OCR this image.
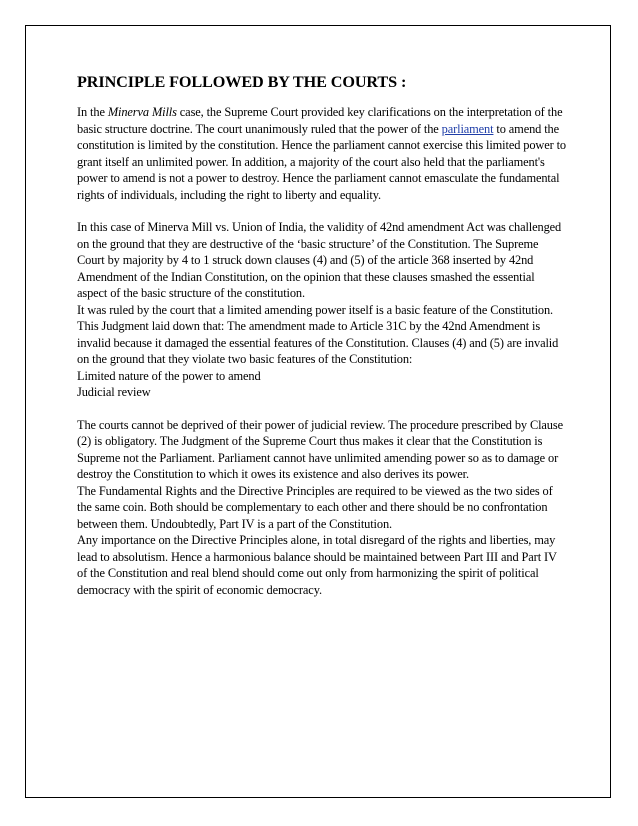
PRINCIPLE FOLLOWED BY THE COURTS :

In the Minerva Mills case, the Supreme Court provided key clarifications on the interpretation of the basic structure doctrine. The court unanimously ruled that the power of the parliament to amend the constitution is limited by the constitution. Hence the parliament cannot exercise this limited power to grant itself an unlimited power. In addition, a majority of the court also held that the parliament's power to amend is not a power to destroy. Hence the parliament cannot emasculate the fundamental rights of individuals, including the right to liberty and equality.

In this case of Minerva Mill vs. Union of India, the validity of 42nd amendment Act was challenged on the ground that they are destructive of the ‘basic structure’ of the Constitution. The Supreme Court by majority by 4 to 1 struck down clauses (4) and (5) of the article 368 inserted by 42nd Amendment of the Indian Constitution, on the opinion that these clauses smashed the essential aspect of the basic structure of the constitution.

It was ruled by the court that a limited amending power itself is a basic feature of the Constitution. This Judgment laid down that: The amendment made to Article 31C by the 42nd Amendment is invalid because it damaged the essential features of the Constitution. Clauses (4) and (5) are invalid on the ground that they violate two basic features of the Constitution:

Limited nature of the power to amend

Judicial review

The courts cannot be deprived of their power of judicial review. The procedure prescribed by Clause (2) is obligatory. The Judgment of the Supreme Court thus makes it clear that the Constitution is Supreme not the Parliament. Parliament cannot have unlimited amending power so as to damage or destroy the Constitution to which it owes its existence and also derives its power.

The Fundamental Rights and the Directive Principles are required to be viewed as the two sides of the same coin. Both should be complementary to each other and there should be no confrontation between them. Undoubtedly, Part IV is a part of the Constitution.

Any importance on the Directive Principles alone, in total disregard of the rights and liberties, may lead to absolutism. Hence a harmonious balance should be maintained between Part III and Part IV of the Constitution and real blend should come out only from harmonizing the spirit of political democracy with the spirit of economic democracy.
